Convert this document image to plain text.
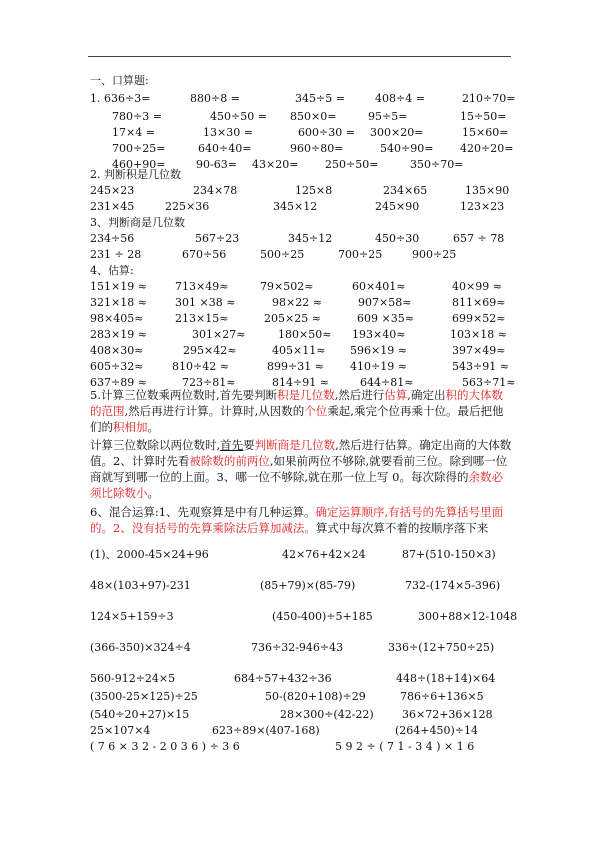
一、口算题:
1. 636÷3=	880÷8 =	345÷5 =	408÷4 =	210÷70=
780÷3 =	450÷50 = 850×0=	95÷5=	15÷50=
17×4 =	13×30 =	600÷30 = 300×20=	15×60=
700÷25=	640÷40=	960÷80=	540÷90= 420÷20=
460+90=	90-63= 43×20= 250÷50=	350÷70=
2. 判断积是几位数
245×23	234×78	125×8	234×65	135×90
231×45	225×36	345×12	245×90	123×23
3、判断商是几位数
234÷56	567÷23	345÷12	450÷30	657 ÷ 78
231 ÷ 28	670÷56	500÷25	700÷25	900÷25
4、估算:
151×19 ≈	713×49≈	79×502≈	60×401≈	40×99 ≈
321×18 ≈	301 ×38 ≈	98×22 ≈	907×58≈	811×69≈
98×405≈	213×15≈	205×25 ≈	609 ×35≈	699×52≈
283×19 ≈	301×27≈	180×50≈ 193×40≈	103×18 ≈
408×30≈	295×42≈	405×11≈ 596×19 ≈	397×49≈
605÷32≈	810÷42 ≈	899÷31 ≈ 410÷19 ≈	543÷91 ≈
637÷89 ≈	723÷81≈	814÷91 ≈	644÷81≈	563÷71≈
5.计算三位数乘两位数时,首先要判断积是几位数,然后进行估算,确定出积的大体数的范围,然后再进行计算。计算时,从因数的个位乘起,乘完个位再乘十位。最后把他们的积相加。
计算三位数除以两位数时,首先要判断商是几位数,然后进行估算。确定出商的大体数值。2、计算时先看被除数的前两位,如果前两位不够除,就要看前三位。除到哪一位商就写到哪一位的上面。3、哪一位不够除,就在那一位上写 0。每次除得的余数必须比除数小。
6、混合运算:1、先观察算是中有几种运算。确定运算顺序,有括号的先算括号里面的。2、没有括号的先算乘除法后算加减法。算式中每次算不着的按顺序落下来
(1)、2000-45×24+96	42×76+42×24	87+(510-150×3)
48×(103+97)-231	(85+79)×(85-79)	732-(174×5-396)
124×5+159÷3	(450-400)÷5+185	300+88×12-1048
(366-350)×324÷4	736÷32-946÷43	336÷(12+750÷25)
560-912÷24×5	684÷57+432÷36	448÷(18+14)×64
(3500-25×125)÷25	50-(820+108)÷29	786÷6+136×5
(540÷20+27)×15	28×300÷(42-22)	36×72+36×128
25×107×4	623÷89×(407-168)	(264+450)÷14
(76×32-2036)÷36	592÷(71-34)×16
